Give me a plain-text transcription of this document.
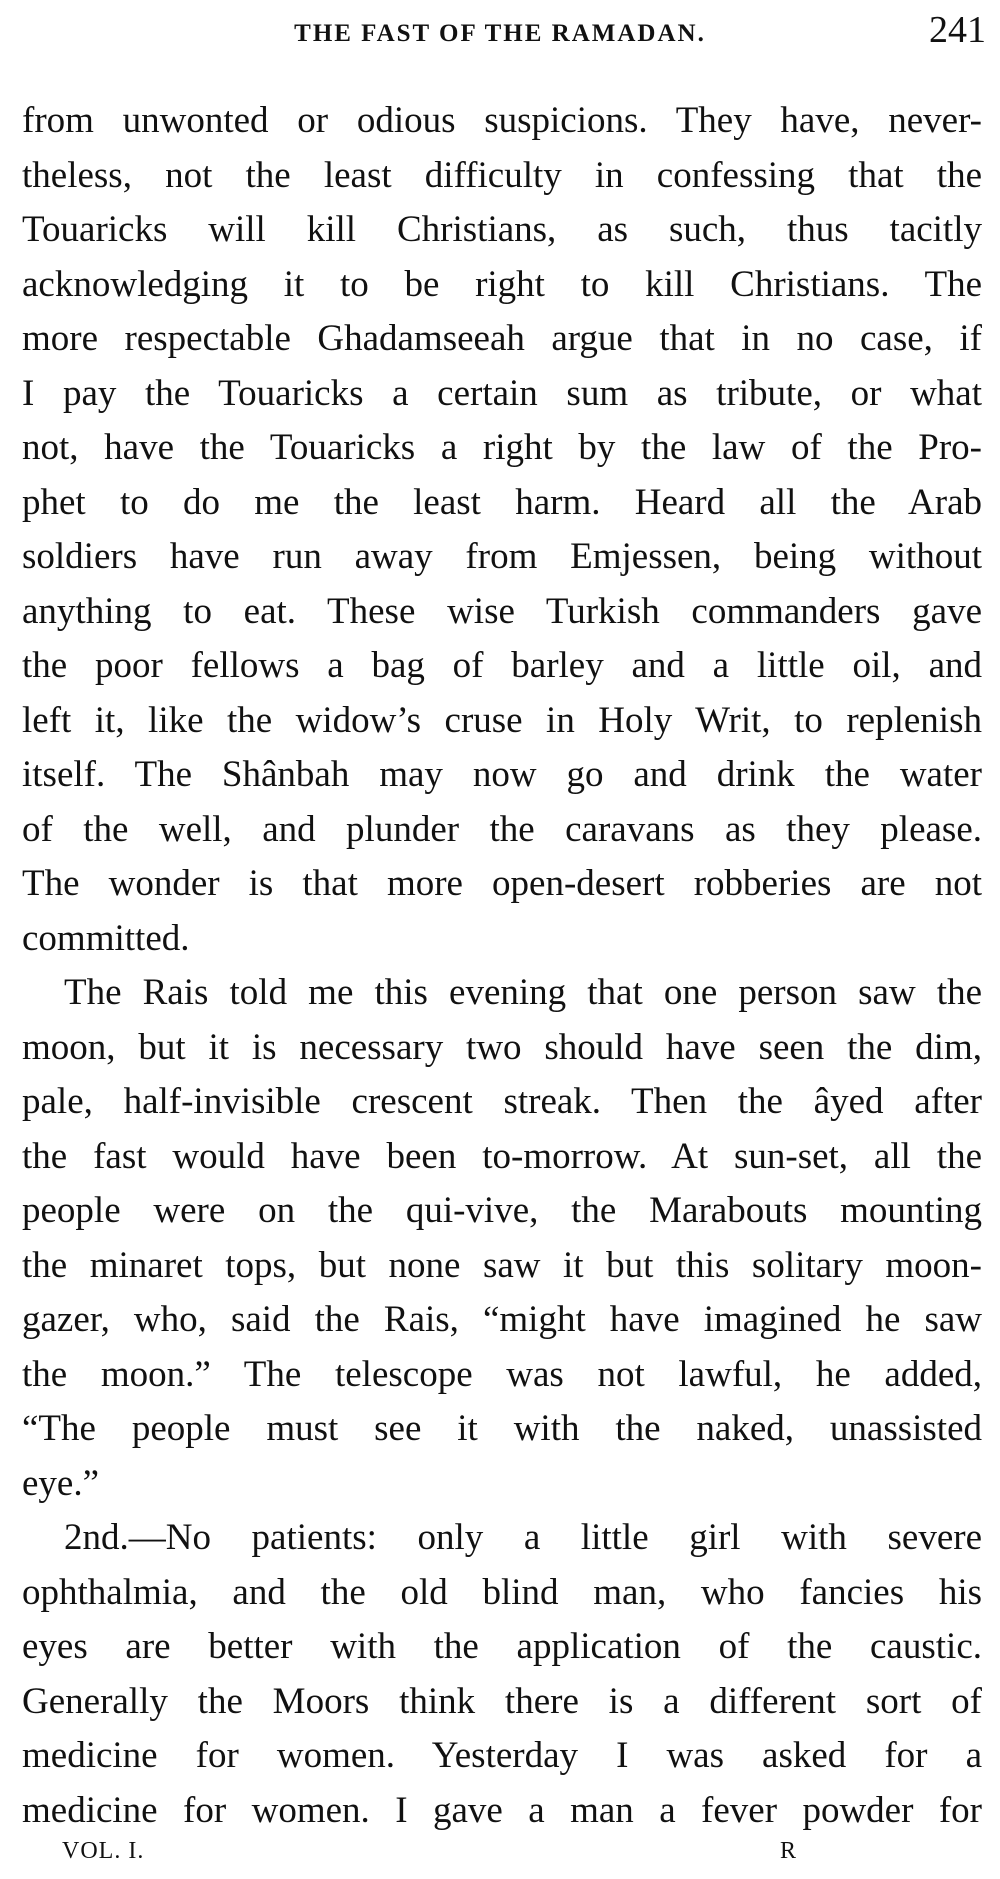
THE FAST OF THE RAMADAN.	241

from unwonted or odious suspicions. They have, never-
theless, not the least difficulty in confessing that the
Touaricks will kill Christians, as such, thus tacitly
acknowledging it to be right to kill Christians. The
more respectable Ghadamseeah argue that in no case, if
I pay the Touaricks a certain sum as tribute, or what
not, have the Touaricks a right by the law of the Pro-
phet to do me the least harm. Heard all the Arab
soldiers have run away from Emjessen, being without
anything to eat. These wise Turkish commanders gave
the poor fellows a bag of barley and a little oil, and
left it, like the widow’s cruse in Holy Writ, to replenish
itself. The Shânbah may now go and drink the water
of the well, and plunder the caravans as they please.
The wonder is that more open-desert robberies are not
committed.

The Rais told me this evening that one person saw the
moon, but it is necessary two should have seen the dim,
pale, half-invisible crescent streak. Then the âyed after
the fast would have been to-morrow. At sun-set, all the
people were on the qui-vive, the Marabouts mounting
the minaret tops, but none saw it but this solitary moon-
gazer, who, said the Rais, “might have imagined he saw
the moon.” The telescope was not lawful, he added,
“The people must see it with the naked, unassisted
eye.”

2nd.—No patients: only a little girl with severe
ophthalmia, and the old blind man, who fancies his
eyes are better with the application of the caustic.
Generally the Moors think there is a different sort of
medicine for women. Yesterday I was asked for a
medicine for women. I gave a man a fever powder for

VOL. I.	R
